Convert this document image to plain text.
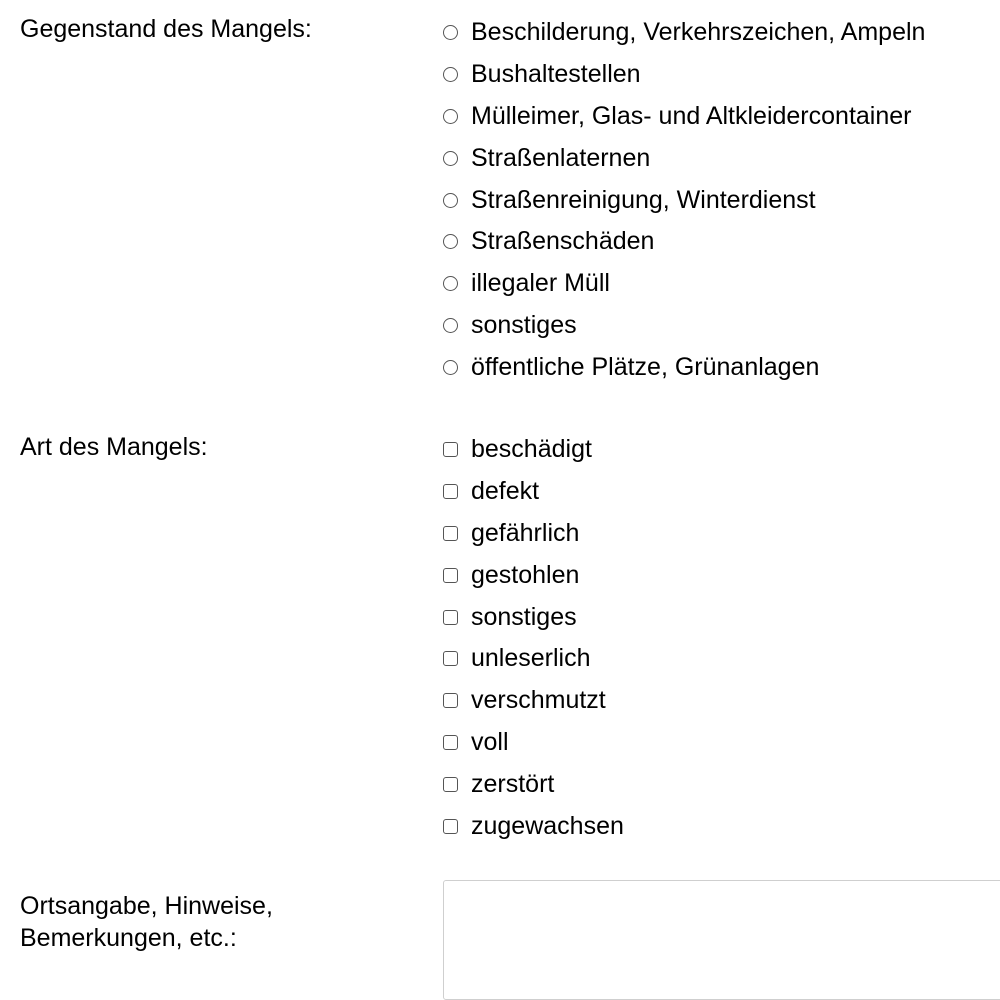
Gegenstand des Mangels:	Beschilderung, Verkehrszeichen, Ampeln
Bushaltestellen
Mülleimer, Glas- und Altkleidercontainer
Straßenlaternen
Straßenreinigung, Winterdienst
Straßenschäden
illegaler Müll
sonstiges
öffentliche Plätze, Grünanlagen
Art des Mangels:	beschädigt
defekt
gefährlich
gestohlen
sonstiges
unleserlich
verschmutzt
voll
zerstört
zugewachsen
Ortsangabe, Hinweise,
Bemerkungen, etc.:
